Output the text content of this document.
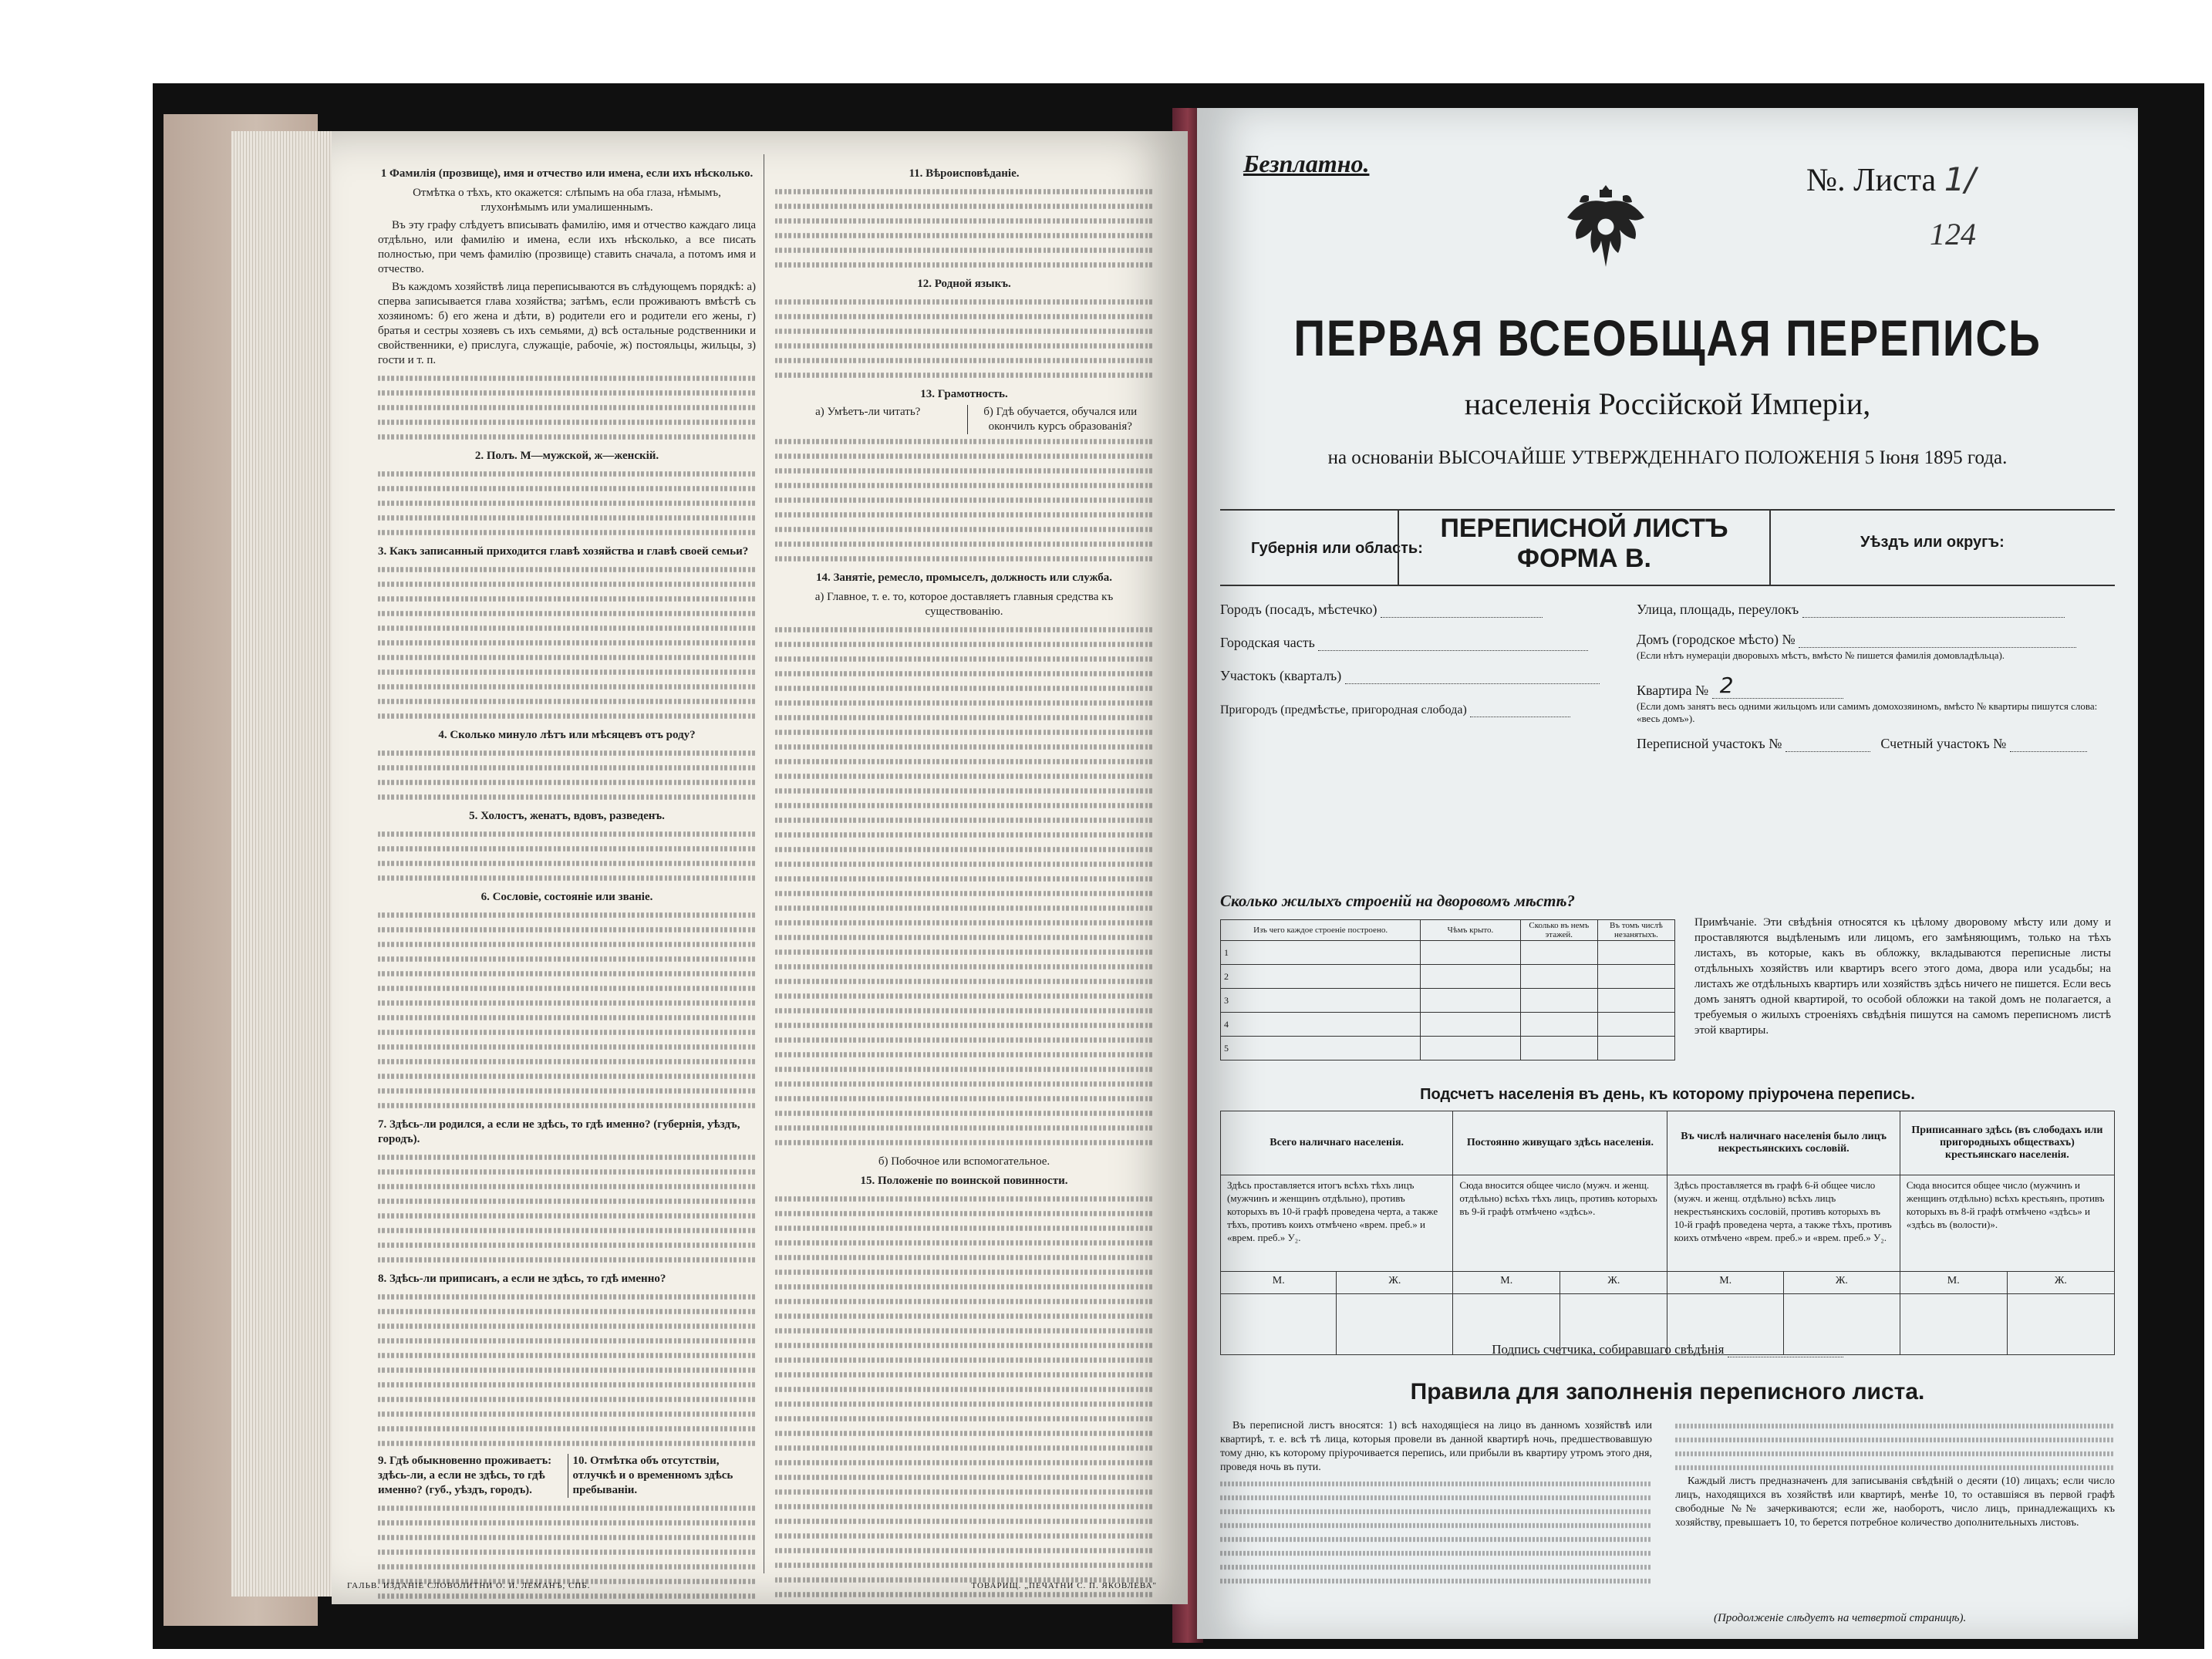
1 Фамилія (прозвище), имя и отчество или имена, если ихъ нѣсколько.

Отмѣтка о тѣхъ, кто окажется: слѣпымъ на оба глаза, нѣмымъ, глухонѣмымъ или умалишеннымъ.

Въ эту графу слѣдуетъ вписывать фамилію, имя и отчество каждаго лица отдѣльно, или фамилію и имена, если ихъ нѣсколько, а все писать полностью, при чемъ фамилію (прозвище) ставить сначала, а потомъ имя и отчество.

Въ каждомъ хозяйствѣ лица переписываются въ слѣдующемъ порядкѣ: а) сперва записывается глава хозяйства; затѣмъ, если проживаютъ вмѣстѣ съ хозяиномъ: б) его жена и дѣти, в) родители его и родители его жены, г) братья и сестры хозяевъ съ ихъ семьями, д) всѣ остальные родственники и свойственники, е) прислуга, служащіе, рабочіе, ж) постояльцы, жильцы, з) гости и т. п.

2. Полъ. М—мужской, ж—женскій.

3. Какъ записанный приходится главѣ хозяйства и главѣ своей семьи?

4. Сколько минуло лѣтъ или мѣсяцевъ отъ роду?

5. Холостъ, женатъ, вдовъ, разведенъ.

6. Сословіе, состояніе или званіе.

7. Здѣсь-ли родился, а если не здѣсь, то гдѣ именно? (губернія, уѣздъ, городъ).

8. Здѣсь-ли приписанъ, а если не здѣсь, то гдѣ именно?

9. Гдѣ обыкновенно проживаетъ: здѣсь-ли, а если не здѣсь, то гдѣ именно? (губ., уѣздъ, городъ).

10. Отмѣтка объ отсутствіи, отлучкѣ и о временномъ здѣсь пребываніи.

11. Вѣроисповѣданіе.

12. Родной языкъ.

13. Грамотность.

а) Умѣетъ-ли читать?	б) Гдѣ обучается, обучался или окончилъ курсъ образованія?

14. Занятіе, ремесло, промыселъ, должность или служба.

а) Главное, т. е. то, которое доставляетъ главныя средства къ существованію.

б) Побочное или вспомогательное.

15. Положеніе по воинской повинности.

ГАЛЬВ. ИЗДАНІЕ СЛОВОЛИТНИ О. И. ЛЕМАНЪ, СПБ.	ТОВАРИЩ. „ПЕЧАТНИ С. П. ЯКОВЛЕВА"
Безплатно.	№. Листа 1/
124
ПЕРВАЯ ВСЕОБЩАЯ ПЕРЕПИСЬ
населенія Россійской Имперіи,
на основаніи ВЫСОЧАЙШЕ УТВЕРЖДЕННАГО ПОЛОЖЕНІЯ 5 Іюня 1895 года.
Губернія или область:
ПЕРЕПИСНОЙ ЛИСТЪ
ФОРМА В.
Уѣздъ или округъ:
Городъ (посадъ, мѣстечко)
Городская часть
Участокъ (кварталъ)
Пригородъ (предмѣстье, пригородная слобода)
Улица, площадь, переулокъ
Домъ (городское мѣсто) №
(Если нѣтъ нумераціи дворовыхъ мѣстъ, вмѣсто № пишется фамилія домовладѣльца).
Квартира № 2
(Если домъ занятъ весь одними жильцомъ или самимъ домохозяиномъ, вмѣсто № квартиры пишутся слова: «весь домъ»).
Переписной участокъ №	Счетный участокъ №
Сколько жилыхъ строеній на дворовомъ мѣстѣ?
Изъ чего каждое строеніе построено.	Чѣмъ крыто.	Сколько въ немъ этажей.	Въ томъ числѣ незанятыхъ.
1			
2			
3			
4			
5			
Примѣчаніе. Эти свѣдѣнія относятся къ цѣлому дворовому мѣсту или дому и проставляются выдѣленымъ или лицомъ, его замѣняющимъ, только на тѣхъ листахъ, въ которые, какъ въ обложку, вкладываются переписные листы отдѣльныхъ хозяйствъ или квартиръ всего этого дома, двора или усадьбы; на листахъ же отдѣльныхъ квартиръ или хозяйствъ здѣсь ничего не пишется. Если весь домъ занятъ одной квартирой, то особой обложки на такой домъ не полагается, а требуемыя о жилыхъ строеніяхъ свѣдѣнія пишутся на самомъ переписномъ листѣ этой квартиры.
Подсчетъ населенія въ день, къ которому пріурочена перепись.
Всего наличнаго населенія.		Постоянно живущаго здѣсь населенія.		Въ числѣ наличнаго населенія было лицъ некрестьянскихъ сословій.		Приписаннаго здѣсь (въ слободахъ или пригородныхъ обществахъ) крестьянскаго населенія.	
Здѣсь проставляется итогъ всѣхъ тѣхъ лицъ (мужчинъ и женщинъ отдѣльно), противъ которыхъ въ 10-й графѣ проведена черта, а также тѣхъ, противъ коихъ отмѣчено «врем. преб.» и «врем. преб.» У₂.		Сюда вносится общее число (мужч. и женщ. отдѣльно) всѣхъ тѣхъ лицъ, противъ которыхъ въ 9-й графѣ отмѣчено «здѣсь».		Здѣсь проставляется въ графѣ 6-й общее число (мужч. и женщ. отдѣльно) всѣхъ лицъ некрестьянскихъ сословій, противъ которыхъ въ 10-й графѣ проведена черта, а также тѣхъ, противъ коихъ отмѣчено «врем. преб.» и «врем. преб.» У₂.		Сюда вносится общее число (мужчинъ и женщинъ отдѣльно) всѣхъ крестьянъ, противъ которыхъ въ 8-й графѣ отмѣчено «здѣсь» и «здѣсь въ (волости)».	
М.	Ж.	М.	Ж.	М.	Ж.	М.	Ж.

Подпись счетчика, собиравшаго свѣдѣнія
Правила для заполненія переписного листа.

Въ переписной листъ вносятся: 1) всѣ находящіеся на лицо въ данномъ хозяйствѣ или квартирѣ, т. е. всѣ тѣ лица, которыя провели въ данной квартирѣ ночь, предшествовавшую тому дню, къ которому пріурочивается перепись, или прибыли въ квартиру утромъ этого дня, проведя ночь въ пути.

Каждый листъ предназначенъ для записыванія свѣдѣній о десяти (10) лицахъ; если число лицъ, находящихся въ хозяйствѣ или квартирѣ, менѣе 10, то оставшіяся въ первой графѣ свободные №№ зачеркиваются; если же, наоборотъ, число лицъ, принадлежащихъ къ хозяйству, превышаетъ 10, то берется потребное количество дополнительныхъ листовъ.

(Продолженіе слѣдуетъ на четвертой страницѣ).
